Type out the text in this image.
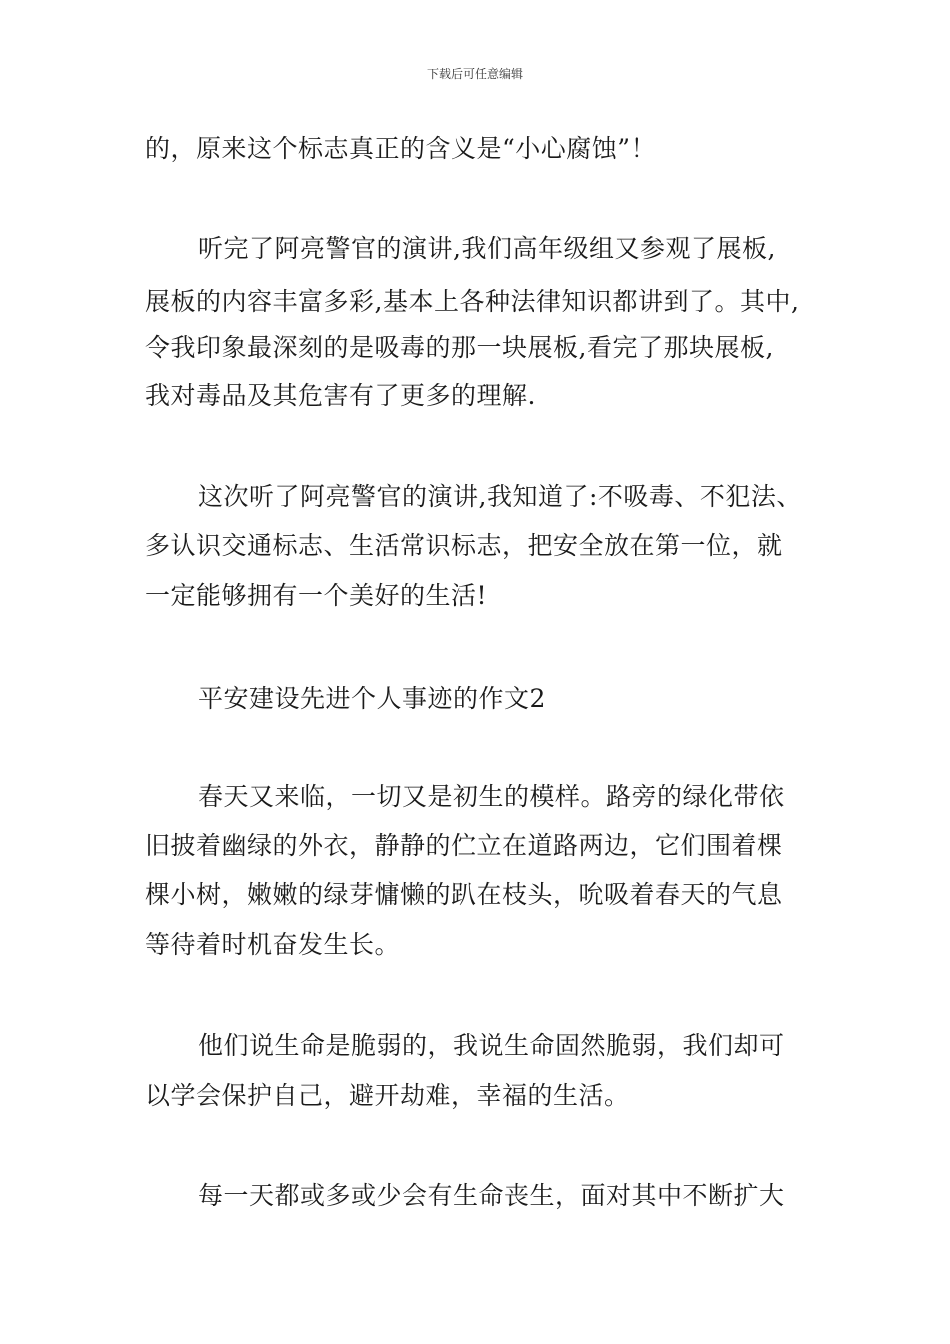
下载后可任意编辑
的，原来这个标志真正的含义是“小心腐蚀”！
听完了阿亮警官的演讲,我们高年级组又参观了展板,
展板的内容丰富多彩,基本上各种法律知识都讲到了。其中,
令我印象最深刻的是吸毒的那一块展板,看完了那块展板,
我对毒品及其危害有了更多的理解.
这次听了阿亮警官的演讲,我知道了:不吸毒、不犯法、
多认识交通标志、生活常识标志，把安全放在第一位，就
一定能够拥有一个美好的生活!
平安建设先进个人事迹的作文2
春天又来临，一切又是初生的模样。路旁的绿化带依
旧披着幽绿的外衣，静静的伫立在道路两边，它们围着棵
棵小树，嫩嫩的绿芽慵懒的趴在枝头，吮吸着春天的气息
等待着时机奋发生长。
他们说生命是脆弱的，我说生命固然脆弱，我们却可
以学会保护自己，避开劫难，幸福的生活。
每一天都或多或少会有生命丧生，面对其中不断扩大
